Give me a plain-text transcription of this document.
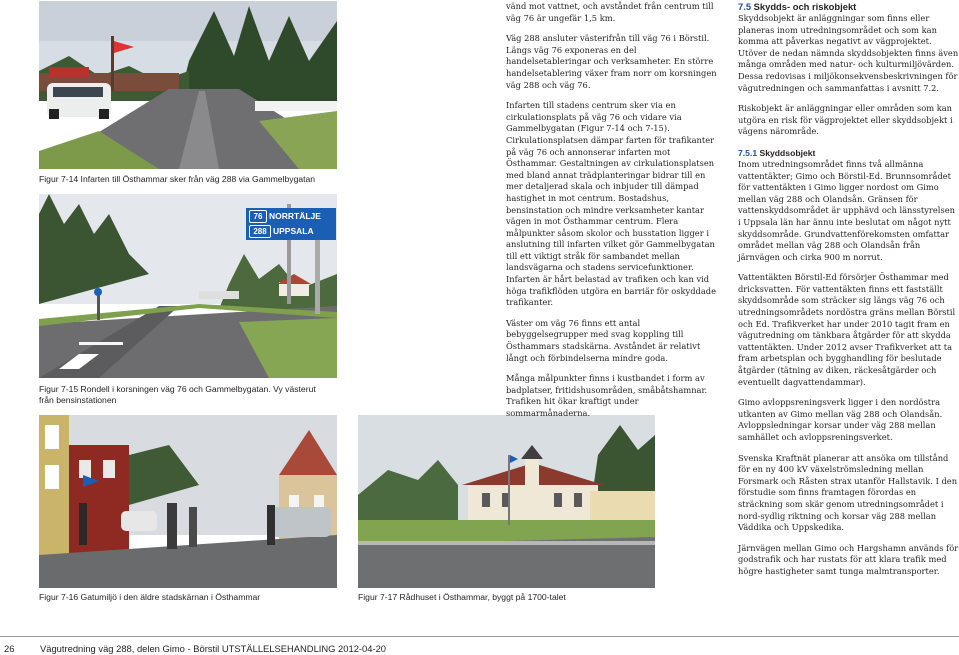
Figur 7-14 Infarten till Östhammar sker från väg 288 via Gammelbygatan
76 NORRTÄLJE
288 UPPSALA
Figur 7-15 Rondell i korsningen väg 76 och Gammelbygatan. Vy västerut från bensinstationen
Figur 7-16 Gatumiljö i den äldre stadskärnan i Östhammar	Figur 7-17 Rådhuset i Östhammar, byggt på 1700-talet

vänd mot vattnet, och avståndet från centrum till väg 76 är ungefär 1,5 km.

Väg 288 ansluter västerifrån till väg 76 i Börstil. Längs väg 76 exponeras en del handelsetableringar och verksamheter. En större handelsetablering växer fram norr om korsningen väg 288 och väg 76.

Infarten till stadens centrum sker via en cirkulationsplats på väg 76 och vidare via Gammelbygatan (Figur 7-14 och 7-15). Cirkulationsplatsen dämpar farten för trafikanter på väg 76 och annonserar infarten mot Östhammar. Gestaltningen av cirkulationsplatsen med bland annat trädplanteringar bidrar till en mer detaljerad skala och inbjuder till dämpad hastighet in mot centrum. Bostadshus, bensinstation och mindre verksamheter kantar vägen in mot Östhammar centrum. Flera målpunkter såsom skolor och busstation ligger i anslutning till infarten vilket gör Gammelbygatan till ett viktigt stråk för sambandet mellan landsvägarna och stadens servicefunktioner. Infarten är hårt belastad av trafiken och kan vid höga trafikflöden utgöra en barriär för oskyddade trafikanter.

Väster om väg 76 finns ett antal bebyggelsegrupper med svag koppling till Östhammars stadskärna. Avståndet är relativt långt och förbindelserna mindre goda.

Många målpunkter finns i kustbandet i form av badplatser, fritidshusområden, småbåtshamnar. Trafiken hit ökar kraftigt under sommarmånaderna.

7.5 Skydds- och riskobjekt

Skyddsobjekt är anläggningar som finns eller planeras inom utredningsområdet och som kan komma att påverkas negativt av vägprojektet. Utöver de nedan nämnda skyddsobjekten finns även många områden med natur- och kulturmiljövärden. Dessa redovisas i miljökonsekvensbeskrivningen för vägutredningen och sammanfattas i avsnitt 7.2.

Riskobjekt är anläggningar eller områden som kan utgöra en risk för vägprojektet eller skyddsobjekt i vägens närområde.

7.5.1 Skyddsobjekt

Inom utredningsområdet finns två allmänna vattentäkter; Gimo och Börstil-Ed. Brunnsområdet för vattentäkten i Gimo ligger nordost om Gimo mellan väg 288 och Olandsån. Gränsen för vattenskyddsområdet är upphävd och länsstyrelsen i Uppsala län har ännu inte beslutat om något nytt skyddsområde. Grundvattenförekomsten omfattar området mellan väg 288 och Olandsån från järnvägen och cirka 900 m norrut.

Vattentäkten Börstil-Ed försörjer Östhammar med dricksvatten. För vattentäkten finns ett fastställt skyddsområde som sträcker sig längs väg 76 och utredningsområdets nordöstra gräns mellan Börstil och Ed. Trafikverket har under 2010 tagit fram en vägutredning om tänkbara åtgärder för att skydda vattentäkten. Under 2012 avser Trafikverket att ta fram arbetsplan och bygghandling för beslutade åtgärder (tätning av diken, räckesåtgärder och eventuellt dagvattendammar).

Gimo avloppsreningsverk ligger i den nordöstra utkanten av Gimo mellan väg 288 och Olandsån. Avloppsledningar korsar under väg 288 mellan samhället och avloppsreningsverket.

Svenska Kraftnät planerar att ansöka om tillstånd för en ny 400 kV växelströmsledning mellan Forsmark och Råsten strax utanför Hallstavik. I den förstudie som finns framtagen förordas en sträckning som skär genom utredningsområdet i nord-sydlig riktning och korsar väg 288 mellan Väddika och Uppskedika.

Järnvägen mellan Gimo och Hargshamn används för godstrafik och har rustats för att klara trafik med högre hastigheter samt tunga malmtransporter.

26	Vägutredning väg 288, delen Gimo - Börstil UTSTÄLLELSEHANDLING 2012-04-20
